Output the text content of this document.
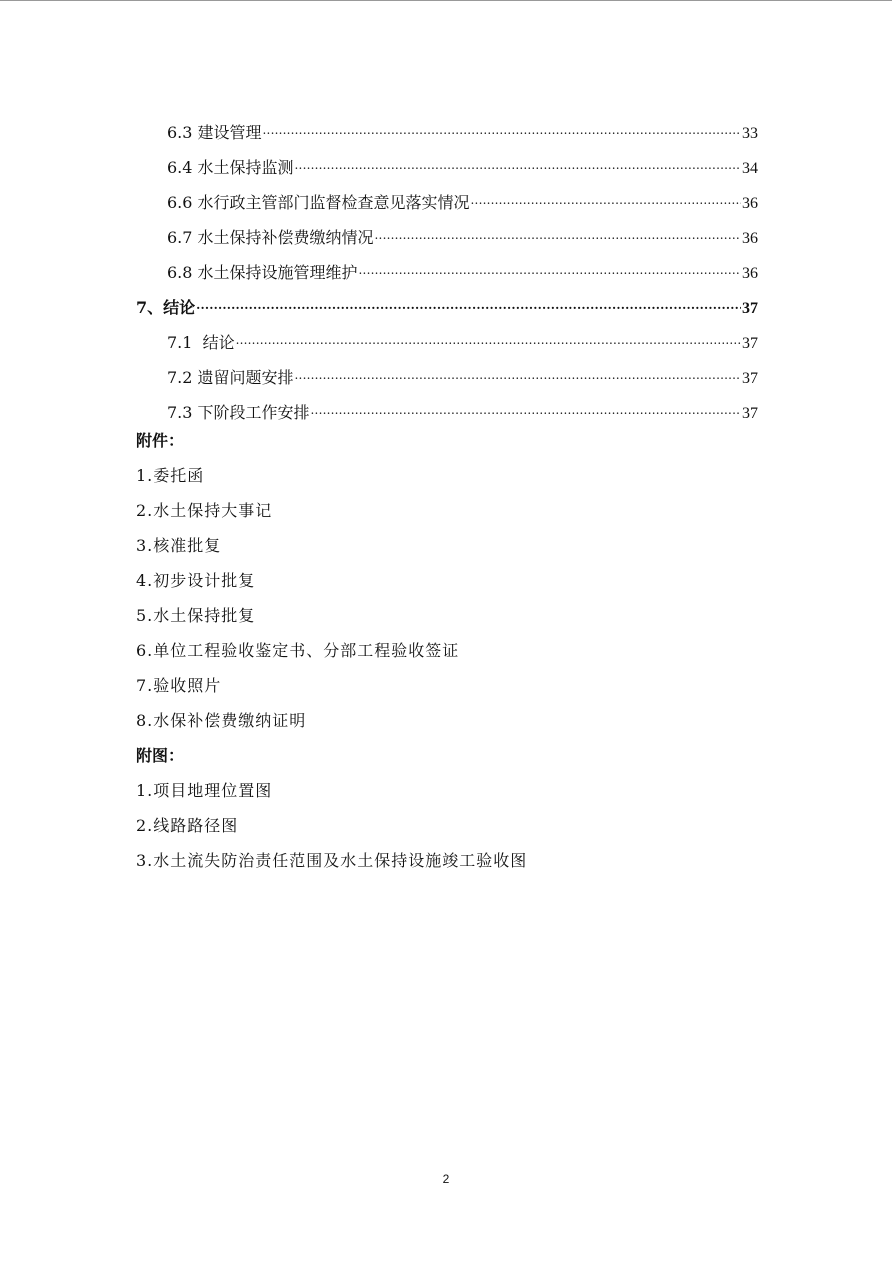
6.3 建设管理 .....	33
6.4 水土保持监测 .....	34
6.6 水行政主管部门监督检查意见落实情况 .....	36
6.7 水土保持补偿费缴纳情况 .....	36
6.8 水土保持设施管理维护 .....	36
7、结论 .....	37
7.1  结论 .....	37
7.2 遗留问题安排 .....	37
7.3 下阶段工作安排 .....	37
附件：
1.委托函
2.水土保持大事记
3.核准批复
4.初步设计批复
5.水土保持批复
6.单位工程验收鉴定书、分部工程验收签证
7.验收照片
8.水保补偿费缴纳证明
附图：
1.项目地理位置图
2.线路路径图
3.水土流失防治责任范围及水土保持设施竣工验收图
2
